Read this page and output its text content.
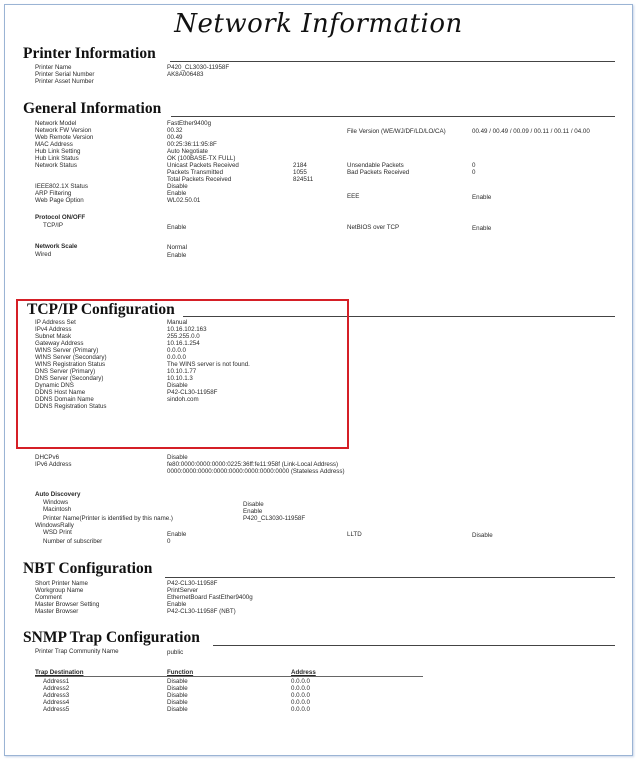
Network Information
Printer Information
Printer Name	P420_CL3030-11958F
Printer Serial Number	AK8A006483
Printer Asset Number
General Information
Network Model	FastEther9400g
Network FW Version	00.32	File Version (WE/WJ/DF/LD/LO/CA)	00.49 / 00.49 / 00.09 / 00.11 / 00.11 / 04.00
Web Remote Version	00.49
MAC Address	00:25:36:11:95:8F
Hub Link Setting	Auto Negotiate
Hub Link Status	OK (100BASE-TX FULL)
Network Status	Unicast Packets Received	2184	Unsendable Packets	0
Packets Transmitted	1055	Bad Packets Received	0
Total Packets Received	824511
IEEE802.1X Status	Disable
ARP Filtering	Enable	EEE	Enable
Web Page Option	WL02.50.01
Protocol ON/OFF
TCP/IP	Enable	NetBIOS over TCP	Enable
Network Scale	Normal
Wired	Enable
TCP/IP Configuration
IP Address Set	Manual
IPv4 Address	10.16.102.163
Subnet Mask	255.255.0.0
Gateway Address	10.16.1.254
WINS Server (Primary)	0.0.0.0
WINS Server (Secondary)	0.0.0.0
WINS Registration Status	The WINS server is not found.
DNS Server (Primary)	10.10.1.77
DNS Server (Secondary)	10.10.1.3
Dynamic DNS	Disable
DDNS Host Name	P42-CL30-11958F
DDNS Domain Name	sindoh.com
DDNS Registration Status
DHCPv6	Disable
IPv6 Address	fe80:0000:0000:0000:0225:36ff:fe11:958f (Link-Local Address)
0000:0000:0000:0000:0000:0000:0000:0000 (Stateless Address)
Auto Discovery
Windows	Disable
Macintosh	Enable
Printer Name(Printer is identified by this name.)	P420_CL3030-11958F
WindowsRally
WSD Print	Enable	LLTD	Disable
Number of subscriber	0
NBT Configuration
Short Printer Name	P42-CL30-11958F
Workgroup Name	PrintServer
Comment	EthernetBoard FastEther9400g
Master Browser Setting	Enable
Master Browser	P42-CL30-11958F (NBT)
SNMP Trap Configuration
Printer Trap Community Name	public
Trap Destination	Function	Address
Address1	Disable	0.0.0.0
Address2	Disable	0.0.0.0
Address3	Disable	0.0.0.0
Address4	Disable	0.0.0.0
Address5	Disable	0.0.0.0
